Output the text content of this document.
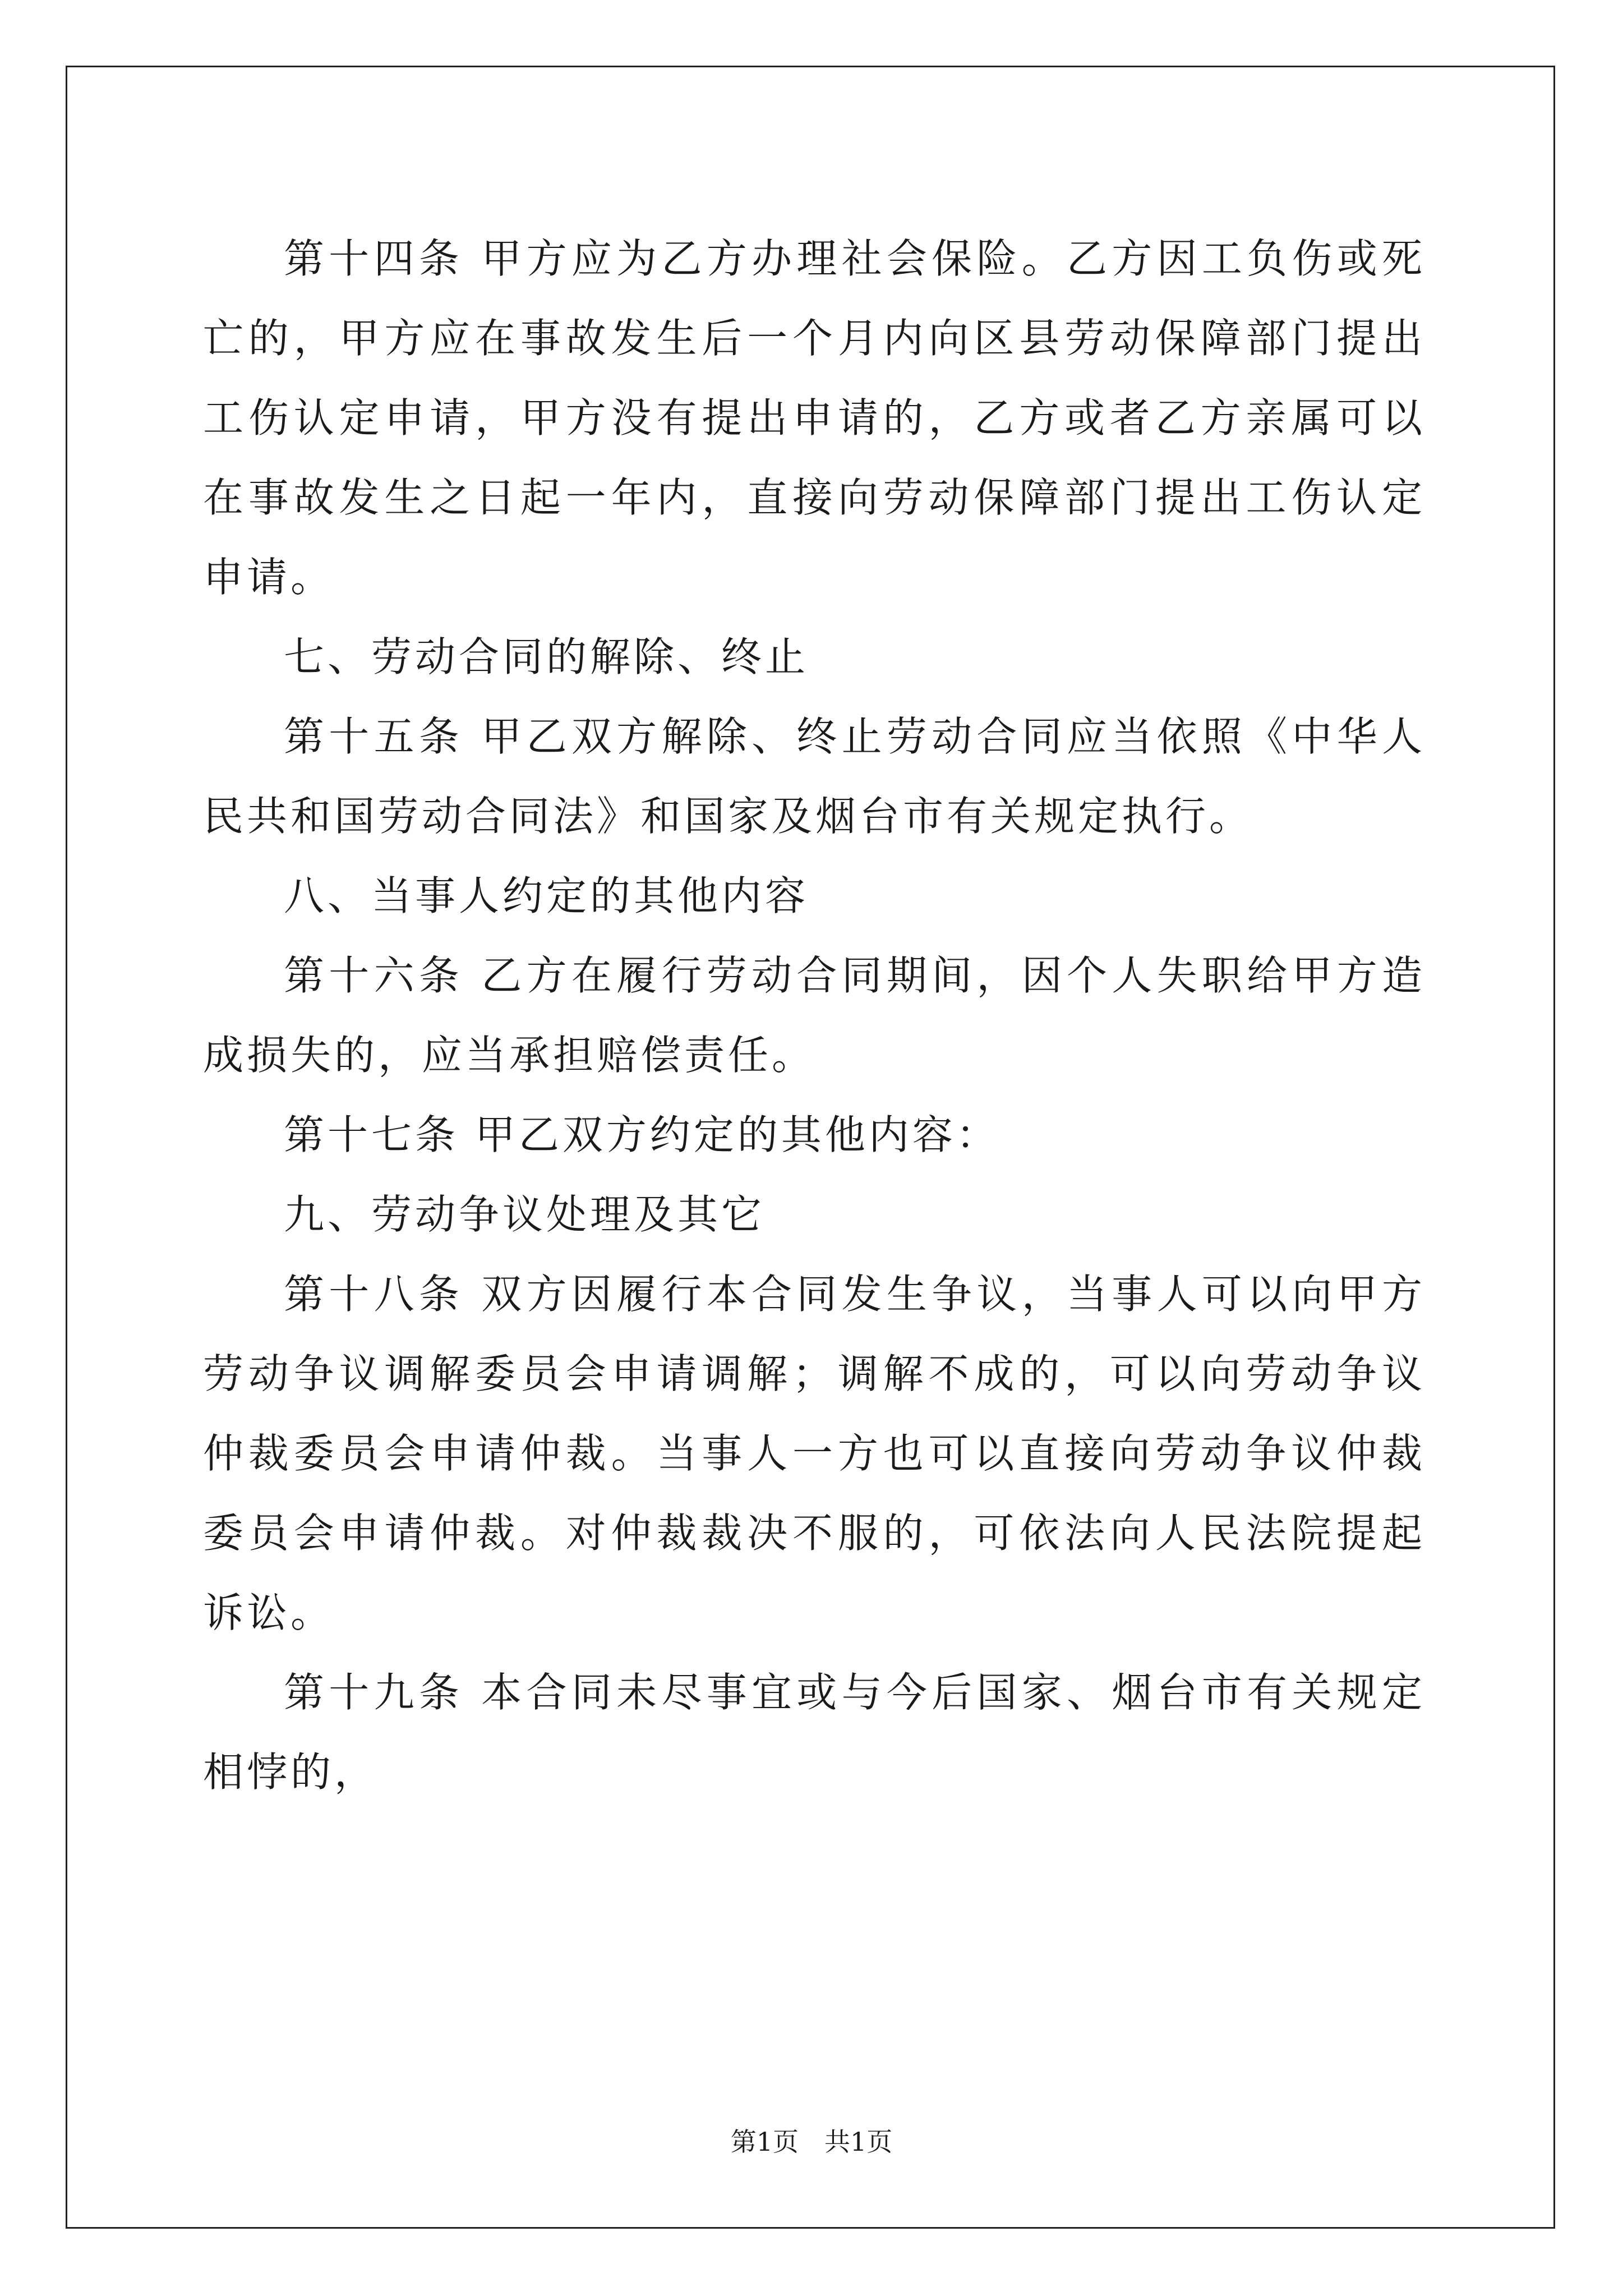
第十四条 甲方应为乙方办理社会保险。乙方因工负伤或死亡的，甲方应在事故发生后一个月内向区县劳动保障部门提出工伤认定申请，甲方没有提出申请的，乙方或者乙方亲属可以在事故发生之日起一年内，直接向劳动保障部门提出工伤认定申请。

七、劳动合同的解除、终止

第十五条 甲乙双方解除、终止劳动合同应当依照《中华人民共和国劳动合同法》和国家及烟台市有关规定执行。

八、当事人约定的其他内容

第十六条 乙方在履行劳动合同期间，因个人失职给甲方造成损失的，应当承担赔偿责任。

第十七条 甲乙双方约定的其他内容：

九、劳动争议处理及其它

第十八条 双方因履行本合同发生争议，当事人可以向甲方劳动争议调解委员会申请调解；调解不成的，可以向劳动争议仲裁委员会申请仲裁。当事人一方也可以直接向劳动争议仲裁委员会申请仲裁。对仲裁裁决不服的，可依法向人民法院提起诉讼。

第十九条 本合同未尽事宜或与今后国家、烟台市有关规定相悖的，

第1页 共1页
